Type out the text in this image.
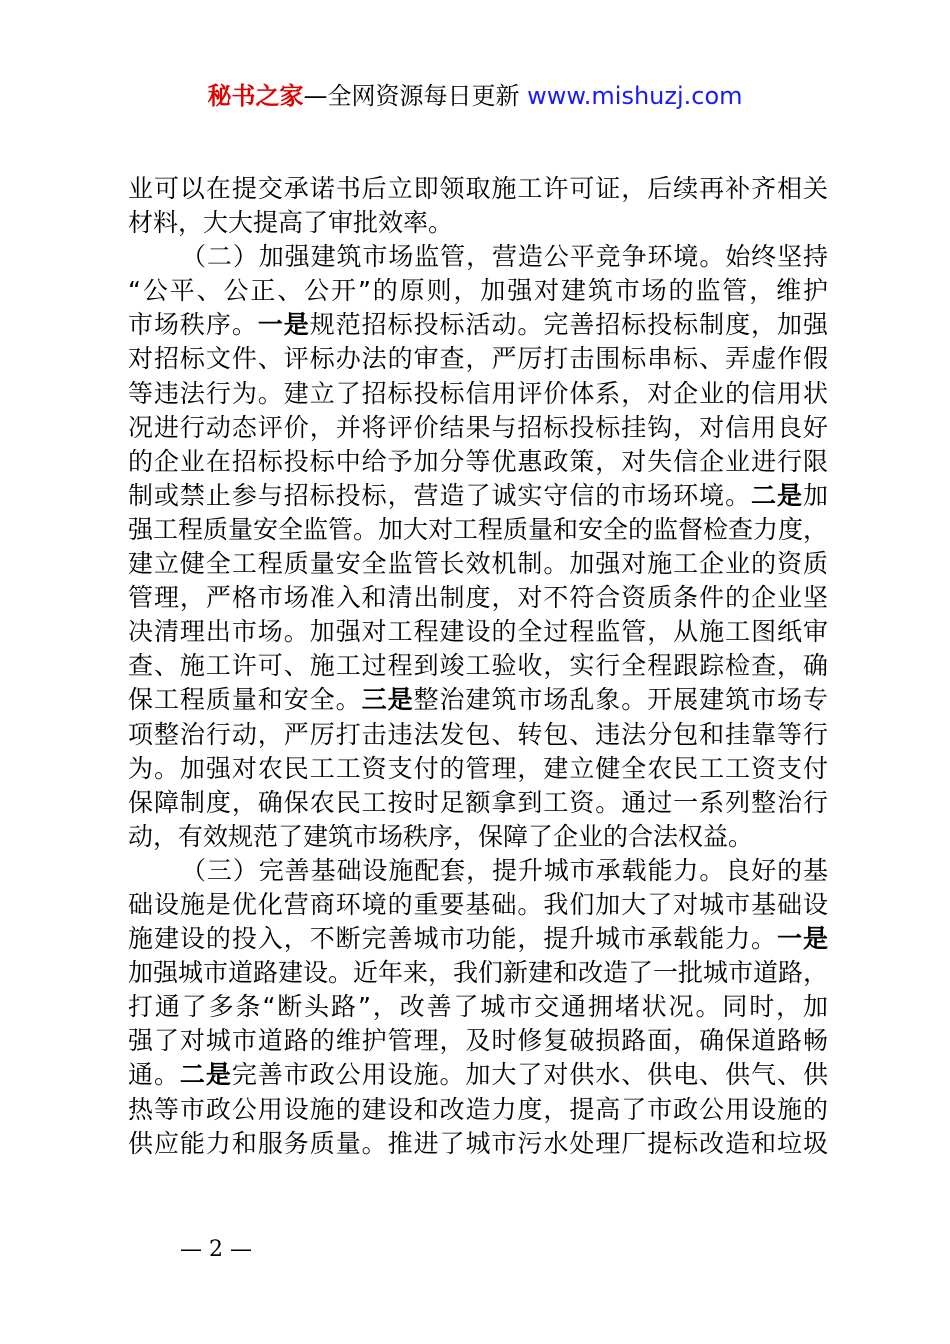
秘书之家—全网资源每日更新 www.mishuzj.com
业可以在提交承诺书后立即领取施工许可证，后续再补齐相关
材料，大大提高了审批效率。
（二）加强建筑市场监管，营造公平竞争环境。始终坚持
“公平、公正、公开”的原则，加强对建筑市场的监管，维护
市场秩序。一是规范招标投标活动。完善招标投标制度，加强
对招标文件、评标办法的审查，严厉打击围标串标、弄虚作假
等违法行为。建立了招标投标信用评价体系，对企业的信用状
况进行动态评价，并将评价结果与招标投标挂钩，对信用良好
的企业在招标投标中给予加分等优惠政策，对失信企业进行限
制或禁止参与招标投标，营造了诚实守信的市场环境。二是加
强工程质量安全监管。加大对工程质量和安全的监督检查力度，
建立健全工程质量安全监管长效机制。加强对施工企业的资质
管理，严格市场准入和清出制度，对不符合资质条件的企业坚
决清理出市场。加强对工程建设的全过程监管，从施工图纸审
查、施工许可、施工过程到竣工验收，实行全程跟踪检查，确
保工程质量和安全。三是整治建筑市场乱象。开展建筑市场专
项整治行动，严厉打击违法发包、转包、违法分包和挂靠等行
为。加强对农民工工资支付的管理，建立健全农民工工资支付
保障制度，确保农民工按时足额拿到工资。通过一系列整治行
动，有效规范了建筑市场秩序，保障了企业的合法权益。
（三）完善基础设施配套，提升城市承载能力。良好的基
础设施是优化营商环境的重要基础。我们加大了对城市基础设
施建设的投入，不断完善城市功能，提升城市承载能力。一是
加强城市道路建设。近年来，我们新建和改造了一批城市道路，
打通了多条“断头路”，改善了城市交通拥堵状况。同时，加
强了对城市道路的维护管理，及时修复破损路面，确保道路畅
通。二是完善市政公用设施。加大了对供水、供电、供气、供
热等市政公用设施的建设和改造力度，提高了市政公用设施的
供应能力和服务质量。推进了城市污水处理厂提标改造和垃圾
— 2 —
